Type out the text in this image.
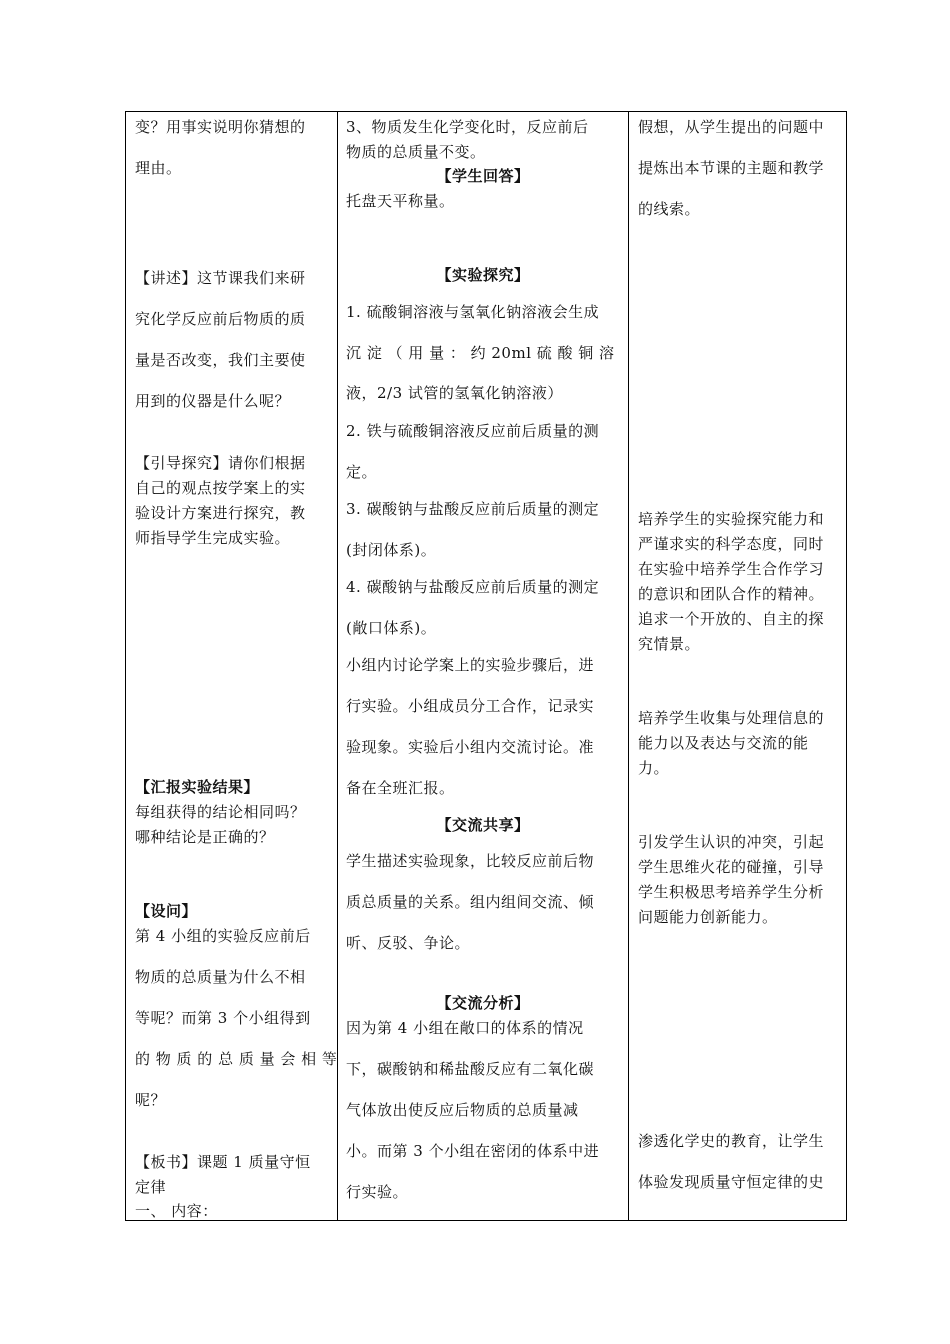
变？用事实说明你猜想的

理由。

【讲述】这节课我们来研

究化学反应前后物质的质

量是否改变，我们主要使

用到的仪器是什么呢？

【引导探究】请你们根据

自己的观点按学案上的实

验设计方案进行探究，教

师指导学生完成实验。

【汇报实验结果】

每组获得的结论相同吗？

哪种结论是正确的？

【设问】

第 4 小组的实验反应前后

物质的总质量为什么不相

等呢？而第 3 个小组得到

的 物 质 的 总 质 量 会 相 等

呢？

【板书】课题 1 质量守恒

定律

一、 内容：

3、物质发生化学变化时，反应前后

物质的总质量不变。

【学生回答】

托盘天平称量。

【实验探究】

1. 硫酸铜溶液与氢氧化钠溶液会生成

沉 淀 （ 用 量 ： 约 20ml 硫 酸 铜 溶

液，2/3 试管的氢氧化钠溶液）

2. 铁与硫酸铜溶液反应前后质量的测

定。

3. 碳酸钠与盐酸反应前后质量的测定

(封闭体系)。

4. 碳酸钠与盐酸反应前后质量的测定

(敞口体系)。

小组内讨论学案上的实验步骤后，进

行实验。小组成员分工合作，记录实

验现象。实验后小组内交流讨论。准

备在全班汇报。

【交流共享】

学生描述实验现象，比较反应前后物

质总质量的关系。组内组间交流、倾

听、反驳、争论。

【交流分析】

因为第 4 小组在敞口的体系的情况

下，碳酸钠和稀盐酸反应有二氧化碳

气体放出使反应后物质的总质量减

小。而第 3 个小组在密闭的体系中进

行实验。

假想，从学生提出的问题中

提炼出本节课的主题和教学

的线索。

培养学生的实验探究能力和

严谨求实的科学态度，同时

在实验中培养学生合作学习

的意识和团队合作的精神。

追求一个开放的、自主的探

究情景。

培养学生收集与处理信息的

能力以及表达与交流的能

力。

引发学生认识的冲突，引起

学生思维火花的碰撞，引导

学生积极思考培养学生分析

问题能力创新能力。

渗透化学史的教育，让学生

体验发现质量守恒定律的史
